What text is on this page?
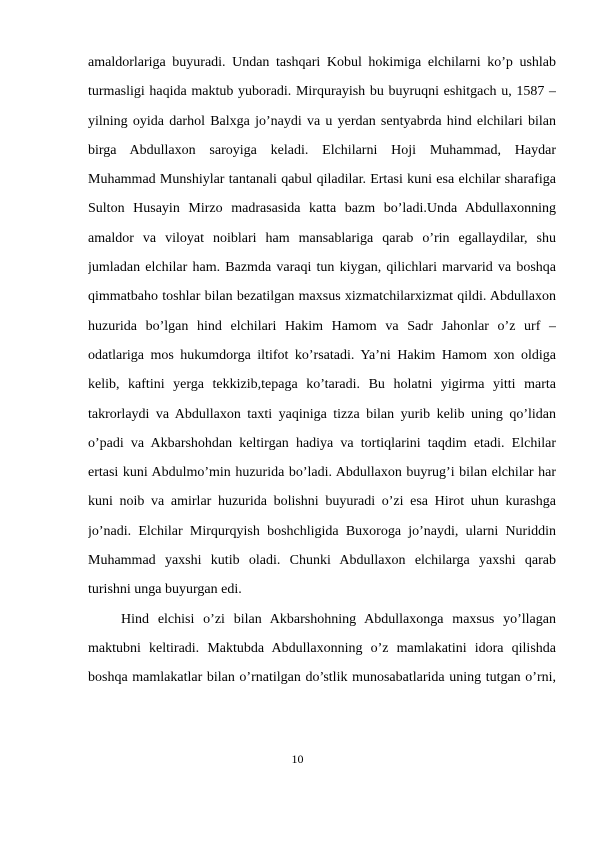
amaldorlariga buyuradi. Undan tashqari Kobul hokimiga elchilarni ko’p ushlab
turmasligi haqida maktub yuboradi. Mirqurayish bu buyruqni eshitgach u, 1587 –
yilning oyida darhol Balxga jo’naydi va u yerdan sentyabrda hind elchilari bilan
birga Abdullaxon saroyiga keladi. Elchilarni Hoji Muhammad, Haydar
Muhammad Munshiylar tantanali qabul qiladilar. Ertasi kuni esa elchilar sharafiga
Sulton Husayin Mirzo madrasasida katta bazm bo’ladi.Unda Abdullaxonning
amaldor va viloyat noiblari ham mansablariga qarab o’rin egallaydilar, shu
jumladan elchilar ham. Bazmda varaqi tun kiygan, qilichlari marvarid va boshqa
qimmatbaho toshlar bilan bezatilgan maxsus xizmatchilarxizmat qildi. Abdullaxon
huzurida bo’lgan hind elchilari Hakim Hamom va Sadr Jahonlar o’z urf –
odatlariga mos hukumdorga iltifot ko’rsatadi. Ya’ni Hakim Hamom xon oldiga
kelib, kaftini yerga tekkizib,tepaga ko’taradi. Bu holatni yigirma yitti marta
takrorlaydi va Abdullaxon taxti yaqiniga tizza bilan yurib kelib uning qo’lidan
o’padi va Akbarshohdan keltirgan hadiya va tortiqlarini taqdim etadi. Elchilar
ertasi kuni Abdulmo’min huzurida bo’ladi. Abdullaxon buyrug’i bilan elchilar har
kuni noib va amirlar huzurida bolishni buyuradi o’zi esa Hirot uhun kurashga
jo’nadi. Elchilar Mirqurqyish boshchligida Buxoroga jo’naydi, ularni Nuriddin
Muhammad yaxshi kutib oladi. Chunki Abdullaxon elchilarga yaxshi qarab
turishni unga buyurgan edi.
Hind elchisi o’zi bilan Akbarshohning Abdullaxonga maxsus yo’llagan
maktubni keltiradi. Maktubda Abdullaxonning o’z mamlakatini idora qilishda
boshqa mamlakatlar bilan o’rnatilgan do’stlik munosabatlarida uning tutgan o’rni,
10
